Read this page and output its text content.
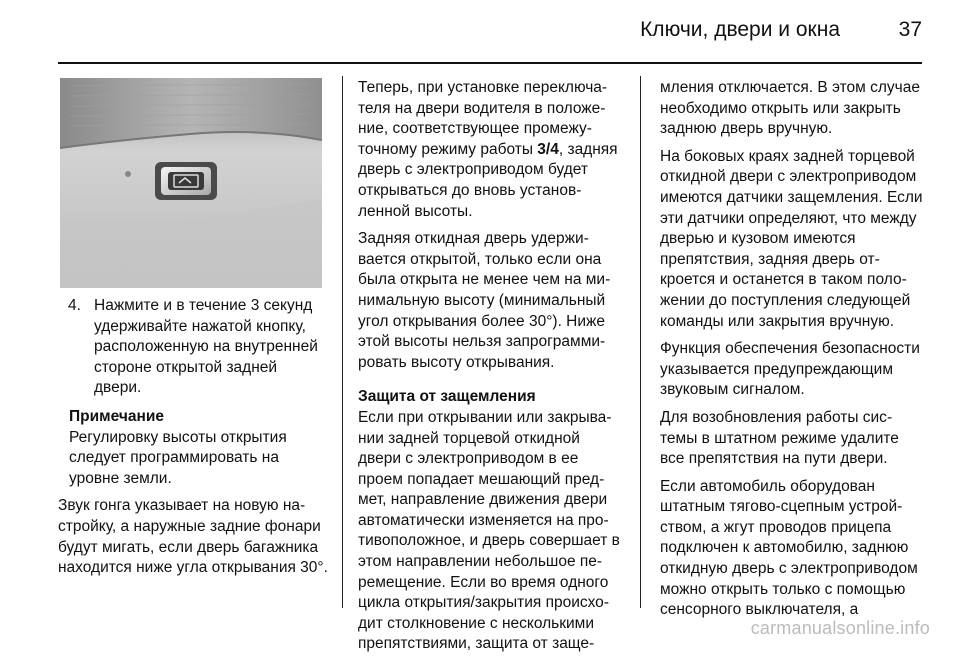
Ключи, двери и окна	37
4. Нажмите и в течение 3 секунд удерживайте нажатой кнопку, расположенную на внутренней стороне открытой задней двери.

Примечание

Регулировку высоты открытия следует программировать на уровне земли.

Звук гонга указывает на новую настройку, а наружные задние фонари будут мигать, если дверь багажника находится ниже угла открывания 30°.

Теперь, при установке переключателя на двери водителя в положение, соответствующее промежуточному режиму работы 3/4, задняя дверь с электроприводом будет открываться до вновь установленной высоты.

Задняя откидная дверь удерживается открытой, только если она была открыта не менее чем на минимальную высоту (минимальный угол открывания более 30°). Ниже этой высоты нельзя запрограммировать высоту открывания.

Защита от защемления

Если при открывании или закрывании задней торцевой откидной двери с электроприводом в ее проем попадает мешающий предмет, направление движения двери автоматически изменяется на противоположное, и дверь совершает в этом направлении небольшое перемещение. Если во время одного цикла открытия/закрытия происходит столкновение с несколькими препятствиями, защита от заще-

мления отключается. В этом случае необходимо открыть или закрыть заднюю дверь вручную.

На боковых краях задней торцевой откидной двери с электроприводом имеются датчики защемления. Если эти датчики определяют, что между дверью и кузовом имеются препятствия, задняя дверь откроется и останется в таком положении до поступления следующей команды или закрытия вручную.

Функция обеспечения безопасности указывается предупреждающим звуковым сигналом.

Для возобновления работы системы в штатном режиме удалите все препятствия на пути двери.

Если автомобиль оборудован штатным тягово-сцепным устройством, а жгут проводов прицепа подключен к автомобилю, заднюю откидную дверь с электроприводом можно открыть только с помощью сенсорного выключателя, а

carmanualsonline.info
